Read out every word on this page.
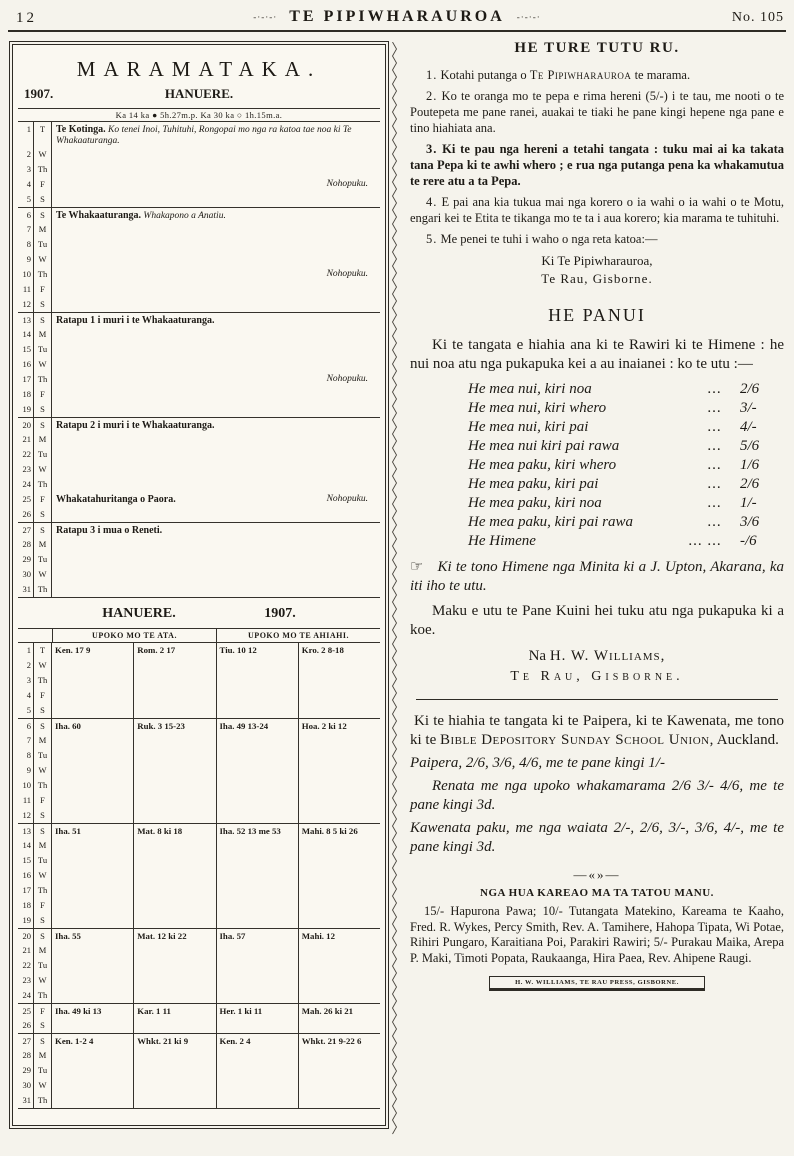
12	-·-·-· TE PIPIWHARAUROA -·-·-·	No. 105
MARAMATAKA.
1907.	HANUERE.
Ka 14 ka ● 5h.27m.p. Ka 30 ka ○ 1h.15m.a.
1	T	Te Kotinga. Ko tenei Inoi, Tuhituhi, Rongopai mo nga ra katoa tae noa ki Te Whakaaturanga.
2 W
3 Th
4	F	Nohopuku.
5	S
6	S	Te Whakaaturanga. Whakapono a Anatiu.
7 M
8 Tu
9 W
10 Th	Nohopuku.
11	F
12	S
13	S	Ratapu 1 i muri i te Whakaaturanga.
14 M
15 Tu
16 W
17 Th	Nohopuku.
18	F
19	S
20	S	Ratapu 2 i muri i te Whakaaturanga.
21 M
22 Tu
23 W
24 Th
25	F	Nohopuku.
Whakatahuritanga o Paora.
26	S
27	S	Ratapu 3 i mua o Reneti.
28 M
29 Tu
30 W
31 Th
HANUERE.	1907.
UPOKO MO TE ATA.	UPOKO MO TE AHIAHI.
1	T	Ken. 17 9	Rom. 2 17	Tiu. 10 12	Kro. 2 8-18
2 W
3 Th
4	F
5	S
6	S	Iha. 60	Ruk. 3 15-23	Iha. 49 13-24	Hoa. 2 ki 12
7 M
8 Tu
9 W
10 Th
11	F
12	S
13	S	Iha. 51	Mat. 8 ki 18	Iha. 52 13 me 53	Mahi. 8 5 ki 26
14 M
15 Tu
16 W
17 Th
18	F
19	S
20	S	Iha. 55	Mat. 12 ki 22	Iha. 57	Mahi. 12
21 M
22 Tu
23 W
24 Th
25	F	Iha. 49 ki 13	Kar. 1 11	Her. 1 ki 11	Mah. 26 ki 21
26	S
27	S	Ken. 1-2 4	Whkt. 21 ki 9	Ken. 2 4	Whkt. 21 9-22 6
28 M
29 Tu
30 W
31 Th
HE TURE TUTU RU.

1. Kotahi putanga o Te Pipiwharauroa te marama.

2. Ko te oranga mo te pepa e rima hereni (5/-) i te tau, me nooti o te Poutepeta me pane ranei, auakai te tiaki he pane kingi hepene nga pane e tino hiahiata ana.

3. Ki te pau nga hereni a tetahi tangata : tuku mai ai ka takata tana Pepa ki te awhi whero ; e rua nga putanga pena ka whakamutua te rere atu a ta Pepa.

4. E pai ana kia tukua mai nga korero o ia wahi o ia wahi o te Motu, engari kei te Etita te tikanga mo te ta i aua korero; kia marama te tuhituhi.

5. Me penei te tuhi i waho o nga reta katoa:—

Ki Te Pipiwharauroa,

Te Rau, Gisborne.

HE PANUI

Ki te tangata e hiahia ana ki te Rawiri ki te Himene : he nui noa atu nga pukapuka kei a au inaianei : ko te utu :—

He mea nui, kiri noa	...	2/6
He mea nui, kiri whero	...	3/-
He mea nui, kiri pai	...	4/-
He mea nui kiri pai rawa	...	5/6
He mea paku, kiri whero	...	1/6
He mea paku, kiri pai	...	2/6
He mea paku, kiri noa	...	1/-
He mea paku, kiri pai rawa	...	3/6
He Himene	... ...	-/6

☞ Ki te tono Himene nga Minita ki a J. Upton, Akarana, ka iti iho te utu.

Maku e utu te Pane Kuini hei tuku atu nga pukapuka ki a koe.

Na H. W. Williams,

Te Rau, Gisborne.

Ki te hiahia te tangata ki te Paipera, ki te Kawenata, me tono ki te Bible Depository Sunday School Union, Auckland.

Paipera, 2/6, 3/6, 4/6, me te pane kingi 1/-

Renata me nga upoko whakamarama 2/6 3/- 4/6, me te pane kingi 3d.

Kawenata paku, me nga waiata 2/-, 2/6, 3/-, 3/6, 4/-, me te pane kingi 3d.

—«»—
NGA HUA KAREAO MA TA TATOU MANU.

15/- Hapurona Pawa; 10/- Tutangata Matekino, Kareama te Kaaho, Fred. R. Wykes, Percy Smith, Rev. A. Tamihere, Hahopa Tipata, Wi Potae, Rihiri Pungaro, Karaitiana Poi, Parakiri Rawiri; 5/- Purakau Maika, Arepa P. Maki, Timoti Popata, Raukaanga, Hira Paea, Rev. Ahipene Raugi.

H. W. WILLIAMS, TE RAU PRESS, GISBORNE.
